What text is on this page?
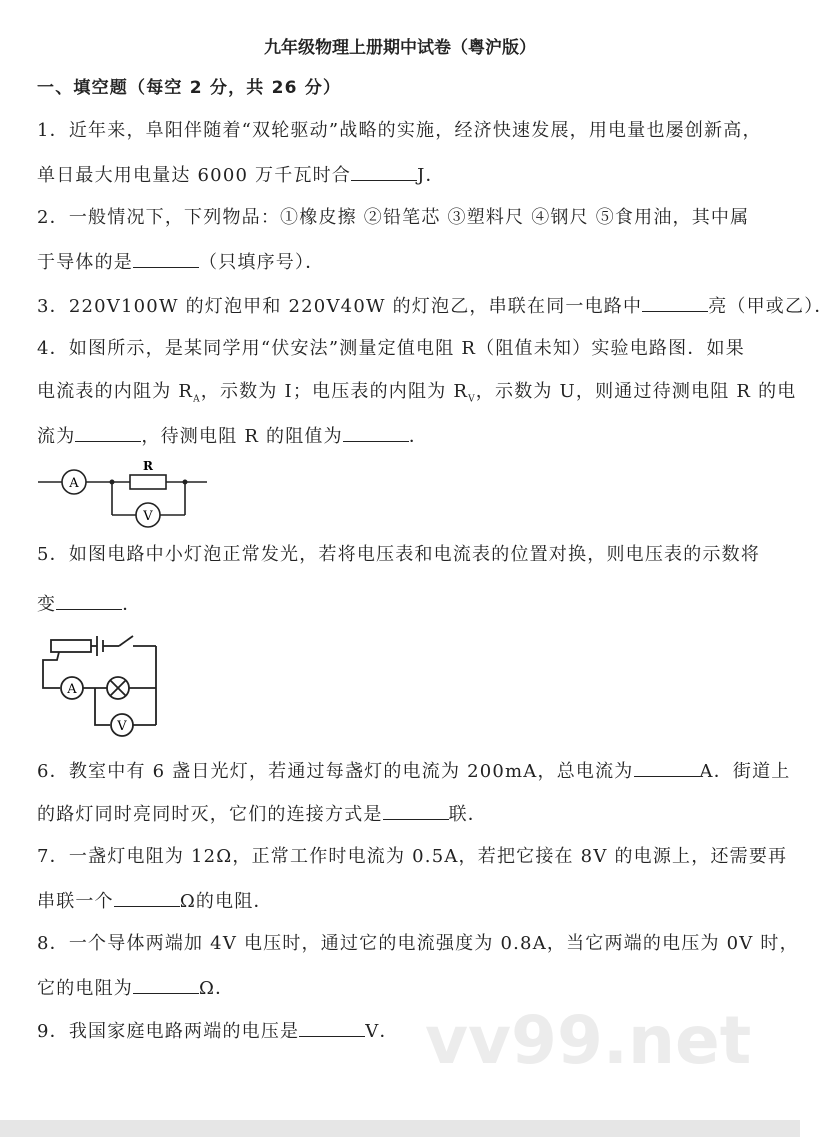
九年级物理上册期中试卷（粤沪版）
一、填空题（每空 2 分，共 26 分）
1．近年来，阜阳伴随着“双轮驱动”战略的实施，经济快速发展，用电量也屡创新高，
单日最大用电量达 6000 万千瓦时合	J．
2．一般情况下，下列物品：①橡皮擦 ②铅笔芯 ③塑料尺 ④钢尺 ⑤食用油，其中属
于导体的是	（只填序号）．
3．220V100W 的灯泡甲和 220V40W 的灯泡乙，串联在同一电路中	亮（甲或乙）．
4．如图所示，是某同学用“伏安法”测量定值电阻 R（阻值未知）实验电路图．如果
电流表的内阻为 $R_A$，示数为 I；电压表的内阻为 $R_V$，示数为 U，则通过待测电阻 R 的电
流为	，待测电阻 R 的阻值为	．
A
V
R
5．如图电路中小灯泡正常发光，若将电压表和电流表的位置对换，则电压表的示数将
变	．
A
V
6．教室中有 6 盏日光灯，若通过每盏灯的电流为 200mA，总电流为	A．街道上
的路灯同时亮同时灭，它们的连接方式是	联．
7．一盏灯电阻为 12Ω，正常工作时电流为 0.5A，若把它接在 8V 的电源上，还需要再
串联一个	Ω的电阻．
8．一个导体两端加 4V 电压时，通过它的电流强度为 0.8A，当它两端的电压为 0V 时，
它的电阻为	Ω．
9．我国家庭电路两端的电压是	V． vv99.net
